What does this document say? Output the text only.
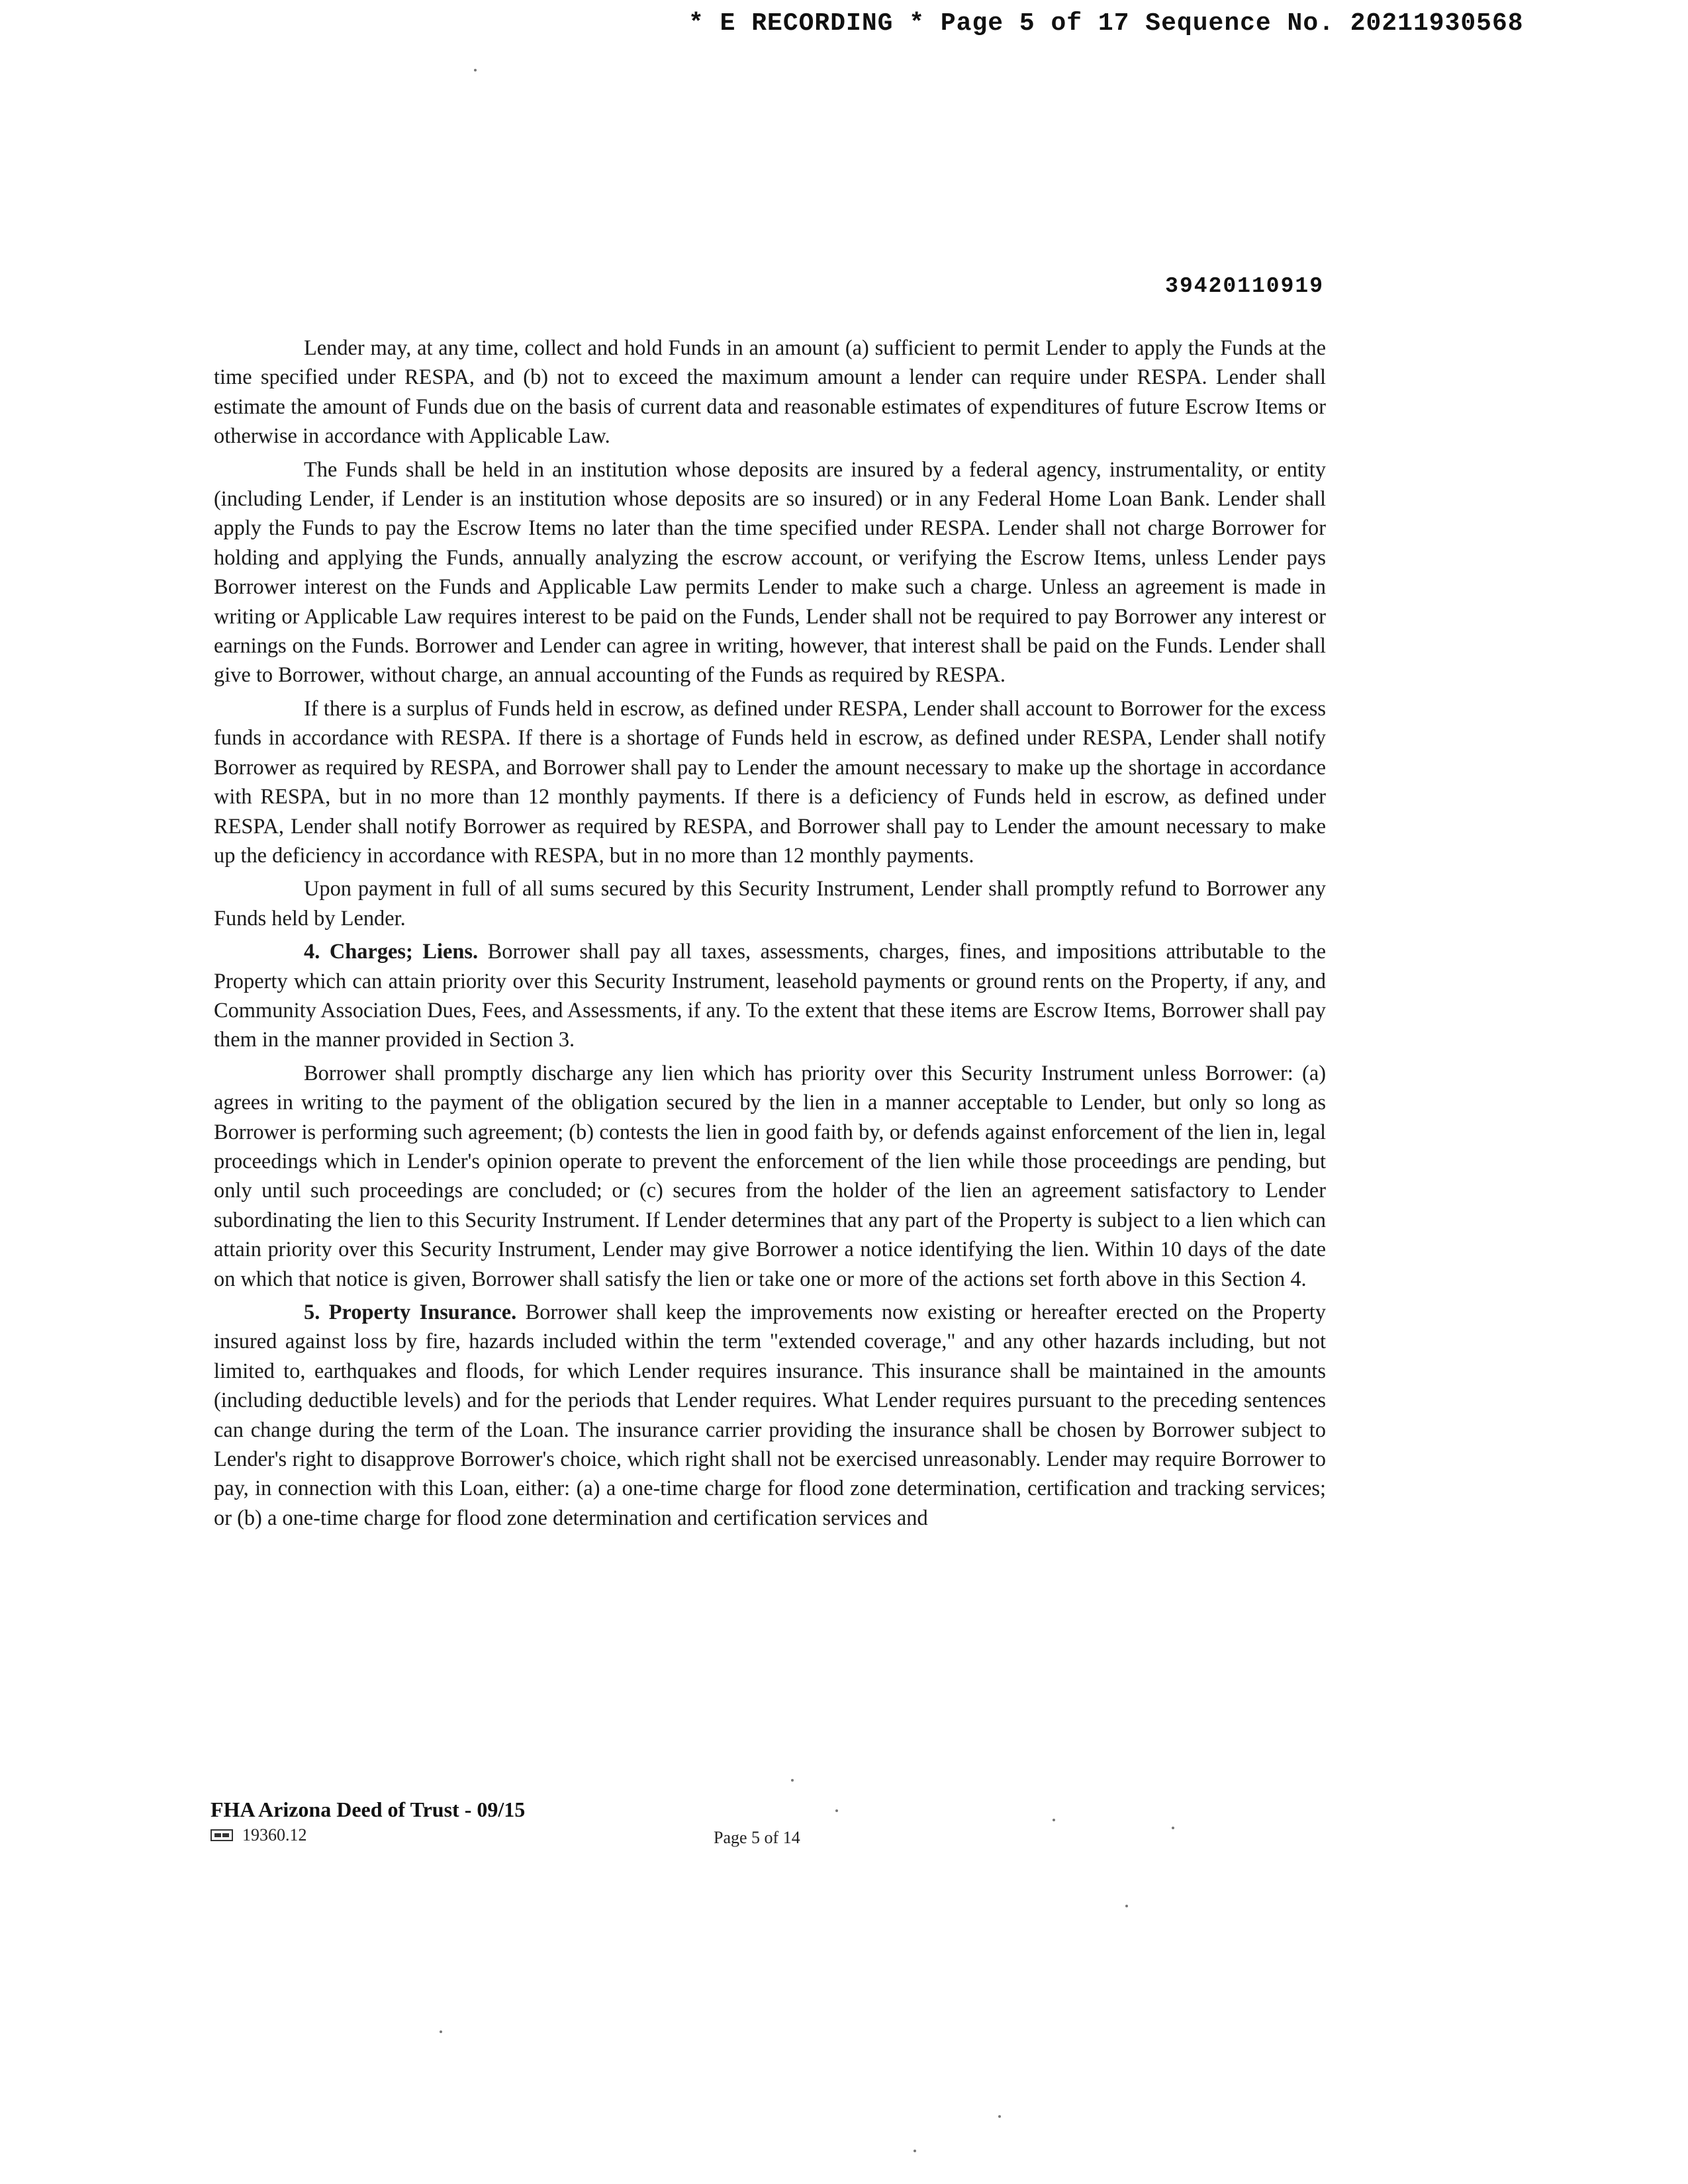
* E RECORDING * Page 5 of 17 Sequence No. 20211930568
39420110919

Lender may, at any time, collect and hold Funds in an amount (a) sufficient to permit Lender to apply the Funds at the time specified under RESPA, and (b) not to exceed the maximum amount a lender can require under RESPA. Lender shall estimate the amount of Funds due on the basis of current data and reasonable estimates of expenditures of future Escrow Items or otherwise in accordance with Applicable Law.

The Funds shall be held in an institution whose deposits are insured by a federal agency, instrumentality, or entity (including Lender, if Lender is an institution whose deposits are so insured) or in any Federal Home Loan Bank. Lender shall apply the Funds to pay the Escrow Items no later than the time specified under RESPA. Lender shall not charge Borrower for holding and applying the Funds, annually analyzing the escrow account, or verifying the Escrow Items, unless Lender pays Borrower interest on the Funds and Applicable Law permits Lender to make such a charge. Unless an agreement is made in writing or Applicable Law requires interest to be paid on the Funds, Lender shall not be required to pay Borrower any interest or earnings on the Funds. Borrower and Lender can agree in writing, however, that interest shall be paid on the Funds. Lender shall give to Borrower, without charge, an annual accounting of the Funds as required by RESPA.

If there is a surplus of Funds held in escrow, as defined under RESPA, Lender shall account to Borrower for the excess funds in accordance with RESPA. If there is a shortage of Funds held in escrow, as defined under RESPA, Lender shall notify Borrower as required by RESPA, and Borrower shall pay to Lender the amount necessary to make up the shortage in accordance with RESPA, but in no more than 12 monthly payments. If there is a deficiency of Funds held in escrow, as defined under RESPA, Lender shall notify Borrower as required by RESPA, and Borrower shall pay to Lender the amount necessary to make up the deficiency in accordance with RESPA, but in no more than 12 monthly payments.

Upon payment in full of all sums secured by this Security Instrument, Lender shall promptly refund to Borrower any Funds held by Lender.

4. Charges; Liens. Borrower shall pay all taxes, assessments, charges, fines, and impositions attributable to the Property which can attain priority over this Security Instrument, leasehold payments or ground rents on the Property, if any, and Community Association Dues, Fees, and Assessments, if any. To the extent that these items are Escrow Items, Borrower shall pay them in the manner provided in Section 3.

Borrower shall promptly discharge any lien which has priority over this Security Instrument unless Borrower: (a) agrees in writing to the payment of the obligation secured by the lien in a manner acceptable to Lender, but only so long as Borrower is performing such agreement; (b) contests the lien in good faith by, or defends against enforcement of the lien in, legal proceedings which in Lender's opinion operate to prevent the enforcement of the lien while those proceedings are pending, but only until such proceedings are concluded; or (c) secures from the holder of the lien an agreement satisfactory to Lender subordinating the lien to this Security Instrument. If Lender determines that any part of the Property is subject to a lien which can attain priority over this Security Instrument, Lender may give Borrower a notice identifying the lien. Within 10 days of the date on which that notice is given, Borrower shall satisfy the lien or take one or more of the actions set forth above in this Section 4.

5. Property Insurance. Borrower shall keep the improvements now existing or hereafter erected on the Property insured against loss by fire, hazards included within the term "extended coverage," and any other hazards including, but not limited to, earthquakes and floods, for which Lender requires insurance. This insurance shall be maintained in the amounts (including deductible levels) and for the periods that Lender requires. What Lender requires pursuant to the preceding sentences can change during the term of the Loan. The insurance carrier providing the insurance shall be chosen by Borrower subject to Lender's right to disapprove Borrower's choice, which right shall not be exercised unreasonably. Lender may require Borrower to pay, in connection with this Loan, either: (a) a one-time charge for flood zone determination, certification and tracking services; or (b) a one-time charge for flood zone determination and certification services and

FHA Arizona Deed of Trust - 09/15
19360.12	Page 5 of 14
